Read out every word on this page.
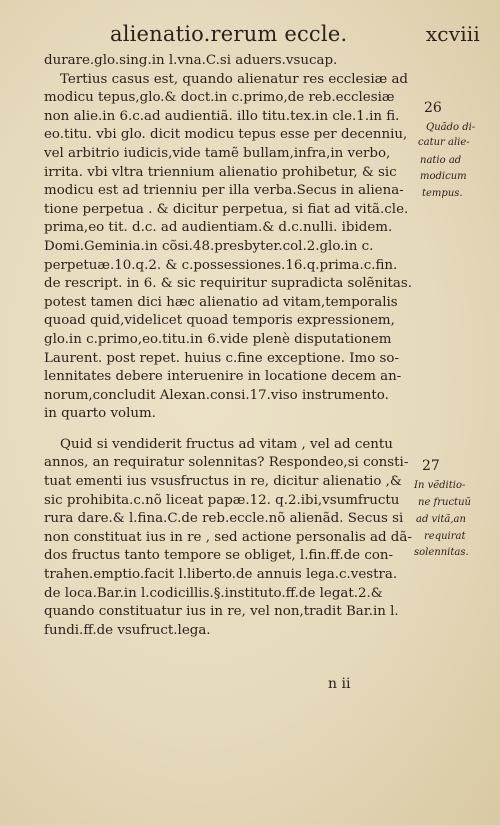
alienatio.rerum eccle.	xcviii
durare.glo.sing.in l.vna.C.si aduers.vsucap.
Tertius casus est, quando alienatur res ecclesiæ ad
modicu tepus,glo.& doct.in c.primo,de reb.ecclesiæ
non alie.in 6.c.ad audientiã. illo titu.tex.in cle.1.in fi.
eo.titu. vbi glo. dicit modicu tepus esse per decenniu,
vel arbitrio iudicis,vide tamẽ bullam,infra,in verbo,
irrita. vbi vltra triennium alienatio prohibetur, & sic
modicu est ad trienniu per illa verba.Secus in aliena-
tione perpetua . & dicitur perpetua, si fiat ad vitã.cle.
prima,eo tit. d.c. ad audientiam.& d.c.nulli. ibidem.
Domi.Geminia.in cõsi.48.presbyter.col.2.glo.in c.
perpetuæ.10.q.2. & c.possessiones.16.q.prima.c.fin.
de rescript. in 6. & sic requiritur supradicta solẽnitas.
potest tamen dici hæc alienatio ad vitam,temporalis
quoad quid,videlicet quoad temporis expressionem,
glo.in c.primo,eo.titu.in 6.vide plenè disputationem
Laurent. post repet. huius c.fine exceptione. Imo so-
lennitates debere interuenire in locatione decem an-
norum,concludit Alexan.consi.17.viso instrumento.
in quarto volum.
Quid si vendiderit fructus ad vitam , vel ad centu
annos, an requiratur solennitas? Respondeo,si consti-
tuat ementi ius vsusfructus in re, dicitur alienatio ,&
sic prohibita.c.nõ liceat papæ.12. q.2.ibi,vsumfructu
rura dare.& l.fina.C.de reb.eccle.nõ alienãd. Secus si
non constituat ius in re , sed actione personalis ad dã-
dos fructus tanto tempore se obliget, l.fin.ff.de con-
trahen.emptio.facit l.liberto.de annuis lega.c.vestra.
de loca.Bar.in l.codicillis.§.instituto.ff.de legat.2.&
quando constituatur ius in re, vel non,tradit Bar.in l.
fundi.ff.de vsufruct.lega.
26
Quãdo di-
catur alie-
natio ad
modicum
tempus.
27
In vẽditio-
ne fructuũ
ad vitã,an
requirat
solennitas.
n ii
